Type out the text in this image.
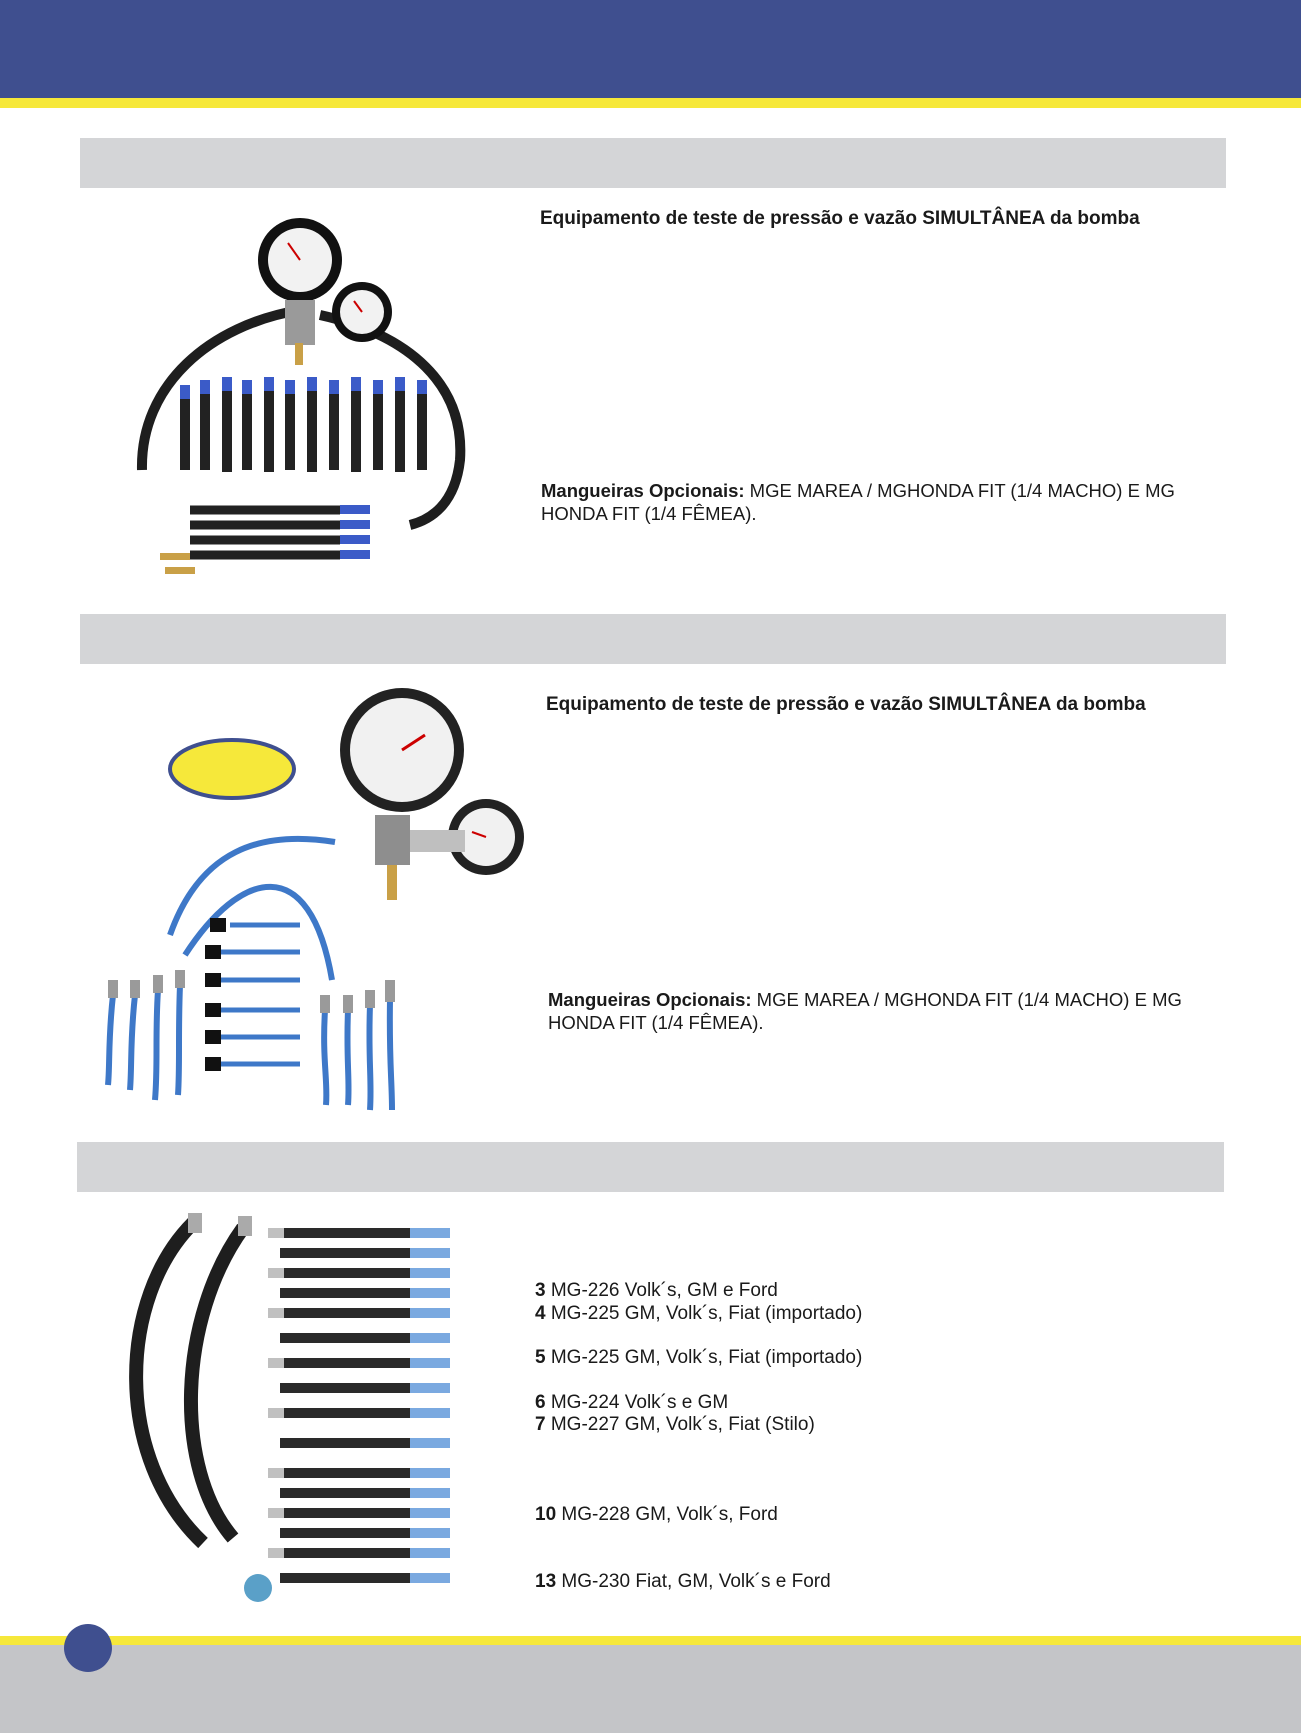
Equipamento de teste de pressão e vazão SIMULTÂNEA da bomba
Mangueiras Opcionais: MGE MAREA / MGHONDA FIT (1/4 MACHO) E MG HONDA FIT (1/4 FÊMEA).
Equipamento de teste de pressão e vazão SIMULTÂNEA da bomba
Mangueiras Opcionais: MGE MAREA / MGHONDA FIT (1/4 MACHO) E MG HONDA FIT (1/4 FÊMEA).
3 MG-226 Volk´s, GM e Ford
4 MG-225 GM, Volk´s, Fiat (importado)
5 MG-225 GM, Volk´s, Fiat (importado)
6 MG-224 Volk´s e GM
7 MG-227 GM, Volk´s, Fiat (Stilo)
10 MG-228 GM, Volk´s, Ford
13 MG-230 Fiat, GM, Volk´s e Ford
